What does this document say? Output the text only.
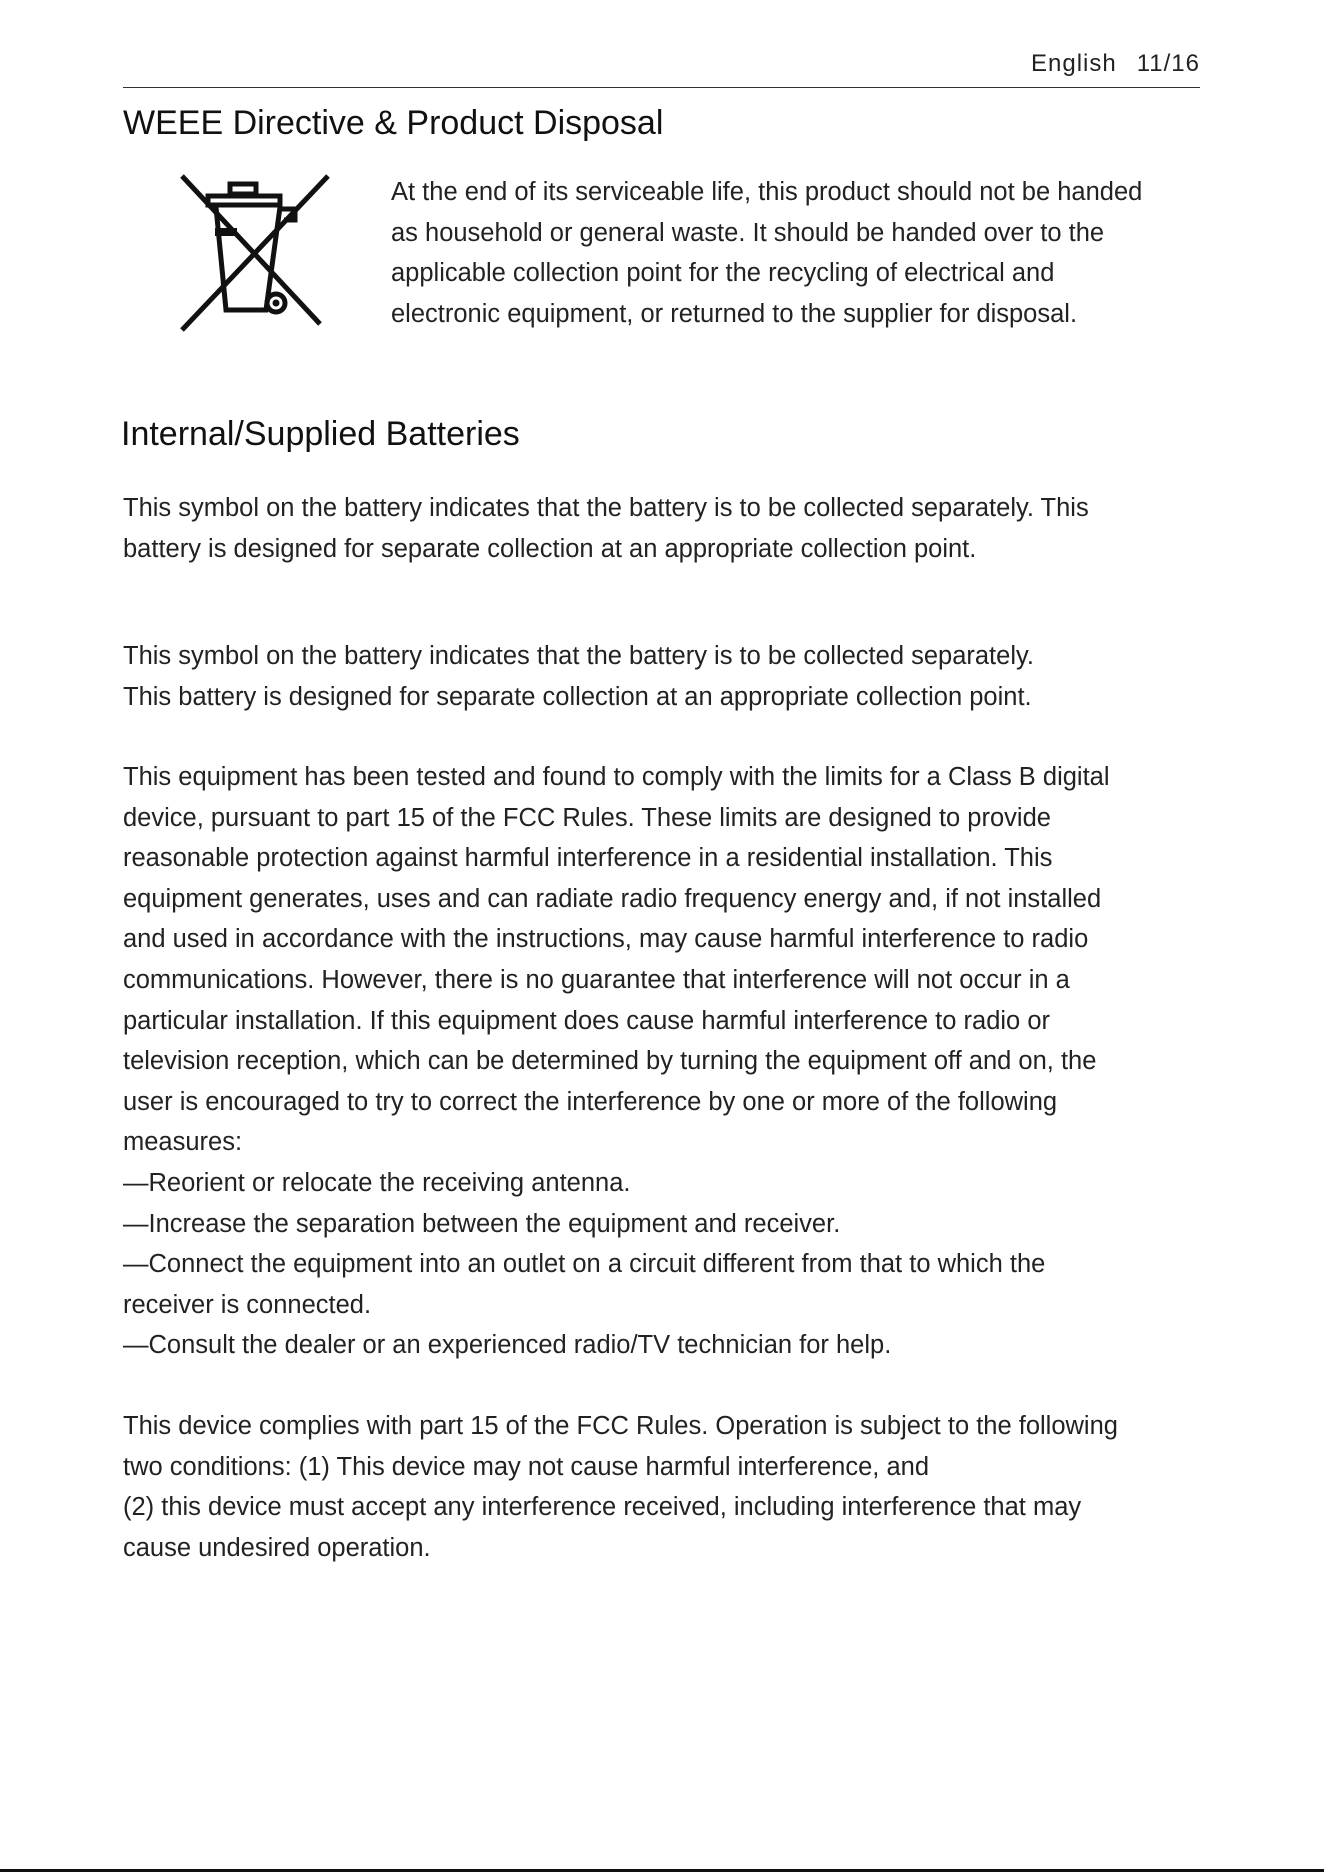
English 11/16
WEEE Directive & Product Disposal

At the end of its serviceable life, this product should not be handed
as household or general waste. It should be handed over to the
applicable collection point for the recycling of electrical and
electronic equipment, or returned to the supplier for disposal.

Internal/Supplied Batteries

This symbol on the battery indicates that the battery is to be collected separately. This
battery is designed for separate collection at an appropriate collection point.

This symbol on the battery indicates that the battery is to be collected separately.
This battery is designed for separate collection at an appropriate collection point.

This equipment has been tested and found to comply with the limits for a Class B digital
device, pursuant to part 15 of the FCC Rules. These limits are designed to provide
reasonable protection against harmful interference in a residential installation. This
equipment generates, uses and can radiate radio frequency energy and, if not installed
and used in accordance with the instructions, may cause harmful interference to radio
communications. However, there is no guarantee that interference will not occur in a
particular installation. If this equipment does cause harmful interference to radio or
television reception, which can be determined by turning the equipment off and on, the
user is encouraged to try to correct the interference by one or more of the following
measures:
—Reorient or relocate the receiving antenna.
—Increase the separation between the equipment and receiver.
—Connect the equipment into an outlet on a circuit different from that to which the
receiver is connected.
—Consult the dealer or an experienced radio/TV technician for help.

This device complies with part 15 of the FCC Rules. Operation is subject to the following
two conditions: (1) This device may not cause harmful interference, and
(2) this device must accept any interference received, including interference that may
cause undesired operation.
